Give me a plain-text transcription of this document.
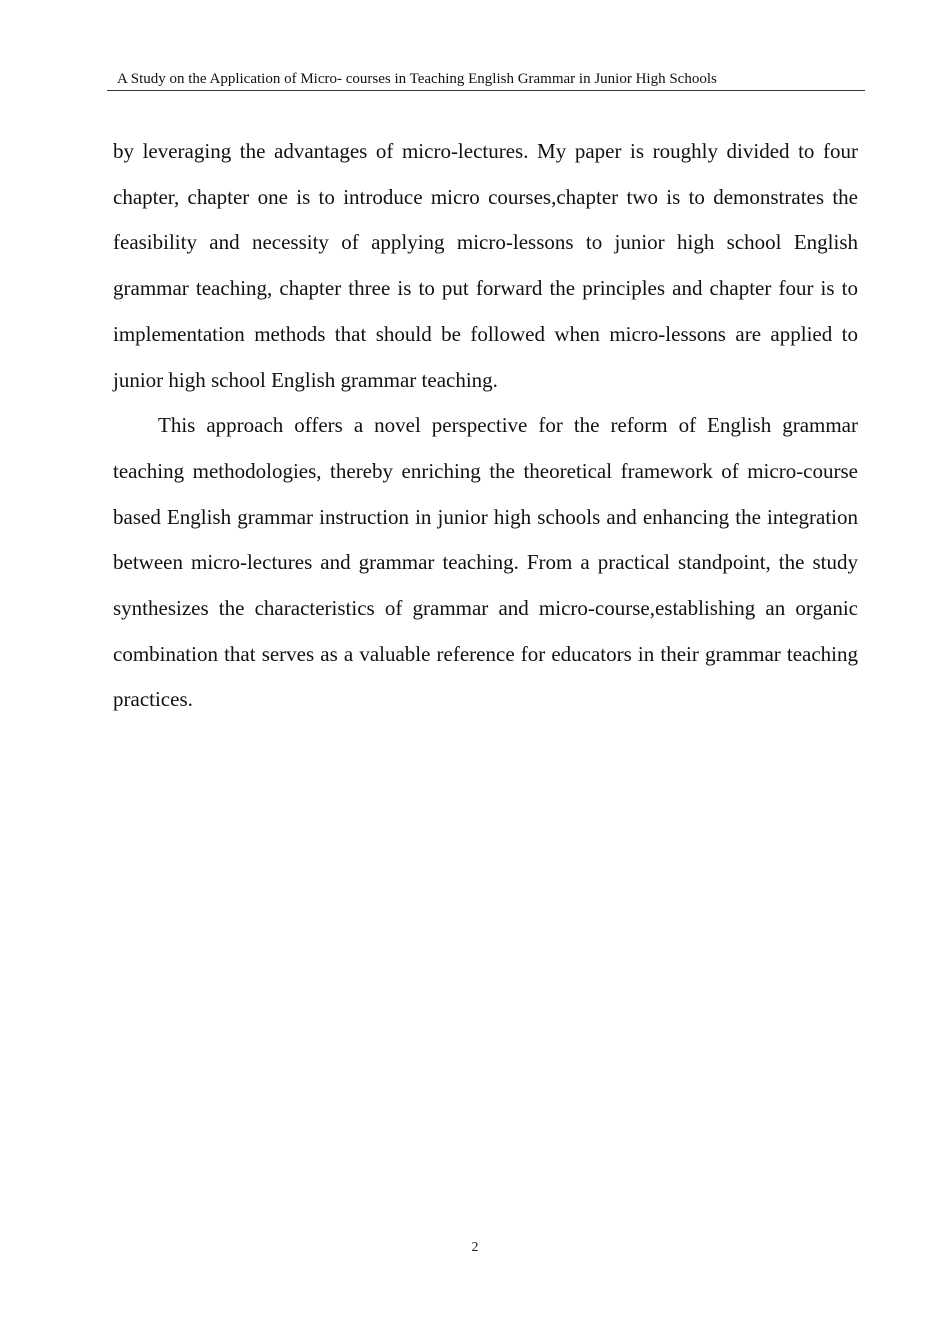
A Study on the Application of Micro- courses in Teaching English Grammar in Junior High Schools

by leveraging the advantages of micro-lectures. My paper is roughly divided to four chapter, chapter one is to introduce micro courses,chapter two is to demonstrates the feasibility and necessity of applying micro-lessons to junior high school English grammar teaching, chapter three is to put forward the principles and chapter four is to implementation methods that should be followed when micro-lessons are applied to junior high school English grammar teaching.

This approach offers a novel perspective for the reform of English grammar teaching methodologies, thereby enriching the theoretical framework of micro-course based English grammar instruction in junior high schools and enhancing the integration between micro-lectures and grammar teaching. From a practical standpoint, the study synthesizes the characteristics of grammar and micro-course,establishing an organic combination that serves as a valuable reference for educators in their grammar teaching practices.

2
